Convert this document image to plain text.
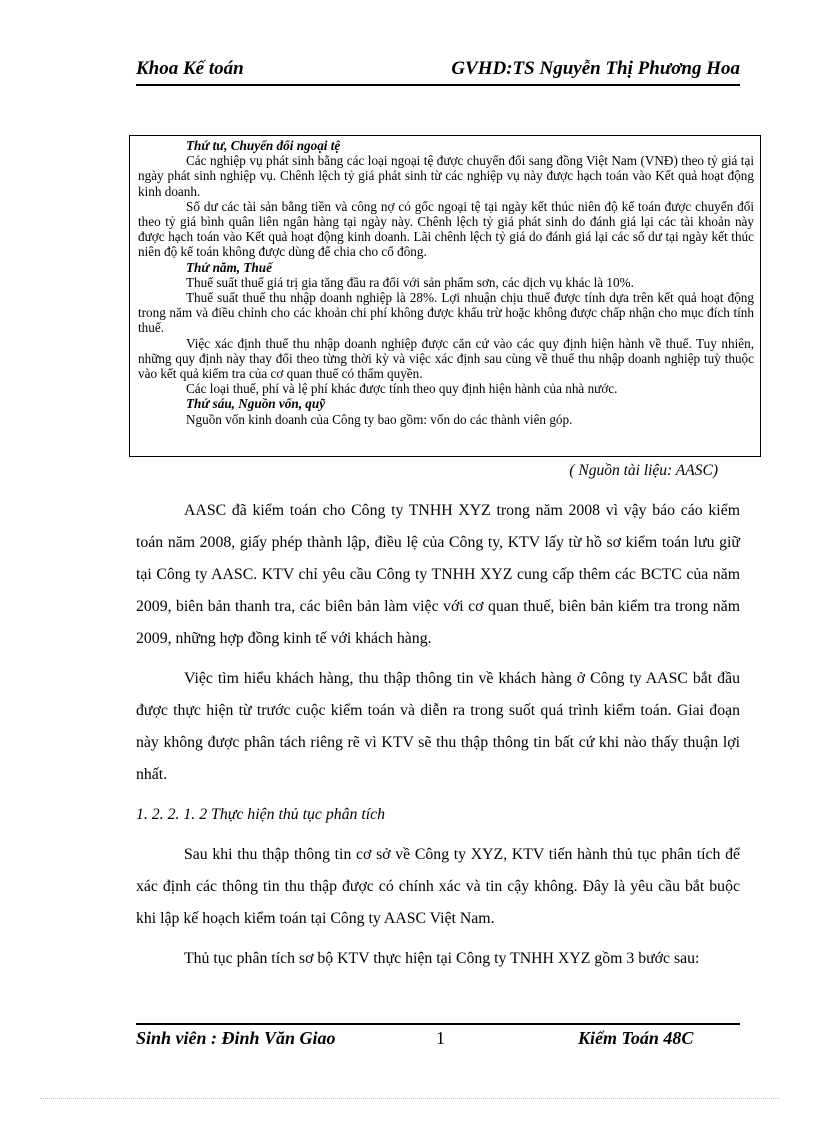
Khoa Kế toán	GVHD:TS Nguyễn Thị Phương Hoa

Thứ tư, Chuyển đổi ngoại tệ

Các nghiệp vụ phát sinh bằng các loại ngoại tệ được chuyển đổi sang đồng Việt Nam (VNĐ) theo tỷ giá tại ngày phát sinh nghiệp vụ. Chênh lệch tỷ giá phát sinh từ các nghiệp vụ này được hạch toán vào Kết quả hoạt động kinh doanh.

Số dư các tài sản bằng tiền và công nợ có gốc ngoại tệ tại ngày kết thúc niên độ kế toán được chuyển đổi theo tỷ giá bình quân liên ngân hàng tại ngày này. Chênh lệch tỷ giá phát sinh do đánh giá lại các tài khoản này được hạch toán vào Kết quả hoạt động kinh doanh. Lãi chênh lệch tỷ giá do đánh giá lại các số dư tại ngày kết thúc niên độ kế toán không được dùng để chia cho cổ đông.

Thứ năm, Thuế

Thuế suất thuế giá trị gia tăng đầu ra đối với sản phẩm sơn, các dịch vụ khác là 10%.

Thuế suất thuế thu nhập doanh nghiệp là 28%. Lợi nhuận chịu thuế được tính dựa trên kết quả hoạt động trong năm và điều chỉnh cho các khoản chi phí không được khấu trừ hoặc không được chấp nhận cho mục đích tính thuế.

Việc xác định thuế thu nhập doanh nghiệp được căn cứ vào các quy định hiện hành về thuế. Tuy nhiên, những quy định này thay đổi theo từng thời kỳ và việc xác định sau cùng về thuế thu nhập doanh nghiệp tuỳ thuộc vào kết quả kiểm tra của cơ quan thuế có thẩm quyền.

Các loại thuế, phí và lệ phí khác được tính theo quy định hiện hành của nhà nước.

Thứ sáu, Nguồn vốn, quỹ

Nguồn vốn kinh doanh của Công ty bao gồm: vốn do các thành viên góp.

( Nguồn tài liệu: AASC)

AASC đã kiểm toán cho Công ty TNHH XYZ trong năm 2008 vì vậy báo cáo kiểm toán năm 2008, giấy phép thành lập, điều lệ của Công ty, KTV lấy từ hồ sơ kiểm toán lưu giữ tại Công ty AASC. KTV chỉ yêu cầu Công ty TNHH XYZ cung cấp thêm các BCTC của năm 2009, biên bản thanh tra, các biên bản làm việc với cơ quan thuế, biên bản kiểm tra trong năm 2009, những hợp đồng kinh tế với khách hàng.

Việc tìm hiểu khách hàng, thu thập thông tin về khách hàng ở Công ty AASC bắt đầu được thực hiện từ trước cuộc kiểm toán và diễn ra trong suốt quá trình kiểm toán. Giai đoạn này không được phân tách riêng rẽ vì KTV sẽ thu thập thông tin bất cứ khi nào thấy thuận lợi nhất.

1. 2. 2. 1. 2 Thực hiện thủ tục phân tích

Sau khi thu thập thông tin cơ sở về Công ty XYZ, KTV tiến hành thủ tục phân tích để xác định các thông tin thu thập được có chính xác và tin cậy không. Đây là yêu cầu bắt buộc khi lập kế hoạch kiểm toán tại Công ty AASC Việt Nam.

Thủ tục phân tích sơ bộ KTV thực hiện tại Công ty TNHH XYZ gồm 3 bước sau:

Sinh viên : Đinh Văn Giao	1	Kiểm Toán 48C
